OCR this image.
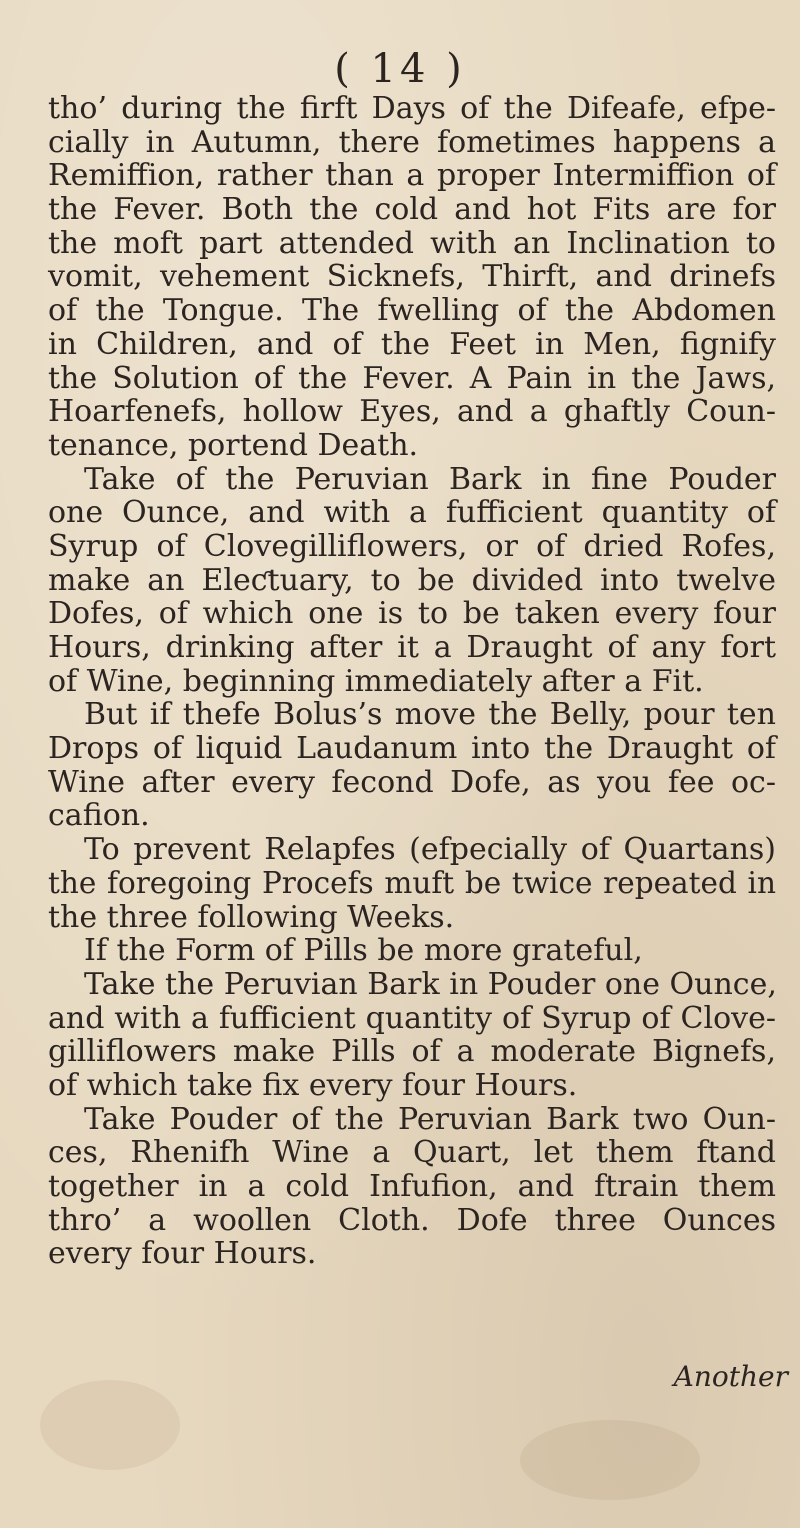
( 14 )
tho’ during the firft Days of the Difeafe, efpe-
cially in Autumn, there fometimes happens a
Remiffion, rather than a proper Intermiffion of
the Fever. Both the cold and hot Fits are for
the moft part attended with an Inclination to
vomit, vehement Sicknefs, Thirft, and drinefs
of the Tongue. The fwelling of the Abdomen
in Children, and of the Feet in Men, fignify
the Solution of the Fever. A Pain in the Jaws,
Hoarfenefs, hollow Eyes, and a ghaftly Coun-
tenance, portend Death.
Take of the Peruvian Bark in fine Pouder
one Ounce, and with a fufficient quantity of
Syrup of Clovegilliflowers, or of dried Rofes,
make an Eleƈtuary, to be divided into twelve
Dofes, of which one is to be taken every four
Hours, drinking after it a Draught of any fort
of Wine, beginning immediately after a Fit.
But if thefe Bolus’s move the Belly, pour ten
Drops of liquid Laudanum into the Draught of
Wine after every fecond Dofe, as you fee oc-
cafion.
To prevent Relapfes (efpecially of Quartans)
the foregoing Procefs muft be twice repeated in
the three following Weeks.
If the Form of Pills be more grateful,
Take the Peruvian Bark in Pouder one Ounce,
and with a fufficient quantity of Syrup of Clove-
gilliflowers make Pills of a moderate Bignefs,
of which take fix every four Hours.
Take Pouder of the Peruvian Bark two Oun-
ces, Rhenifh Wine a Quart, let them ftand
together in a cold Infufion, and ftrain them
thro’ a woollen Cloth. Dofe three Ounces
every four Hours.
Another
